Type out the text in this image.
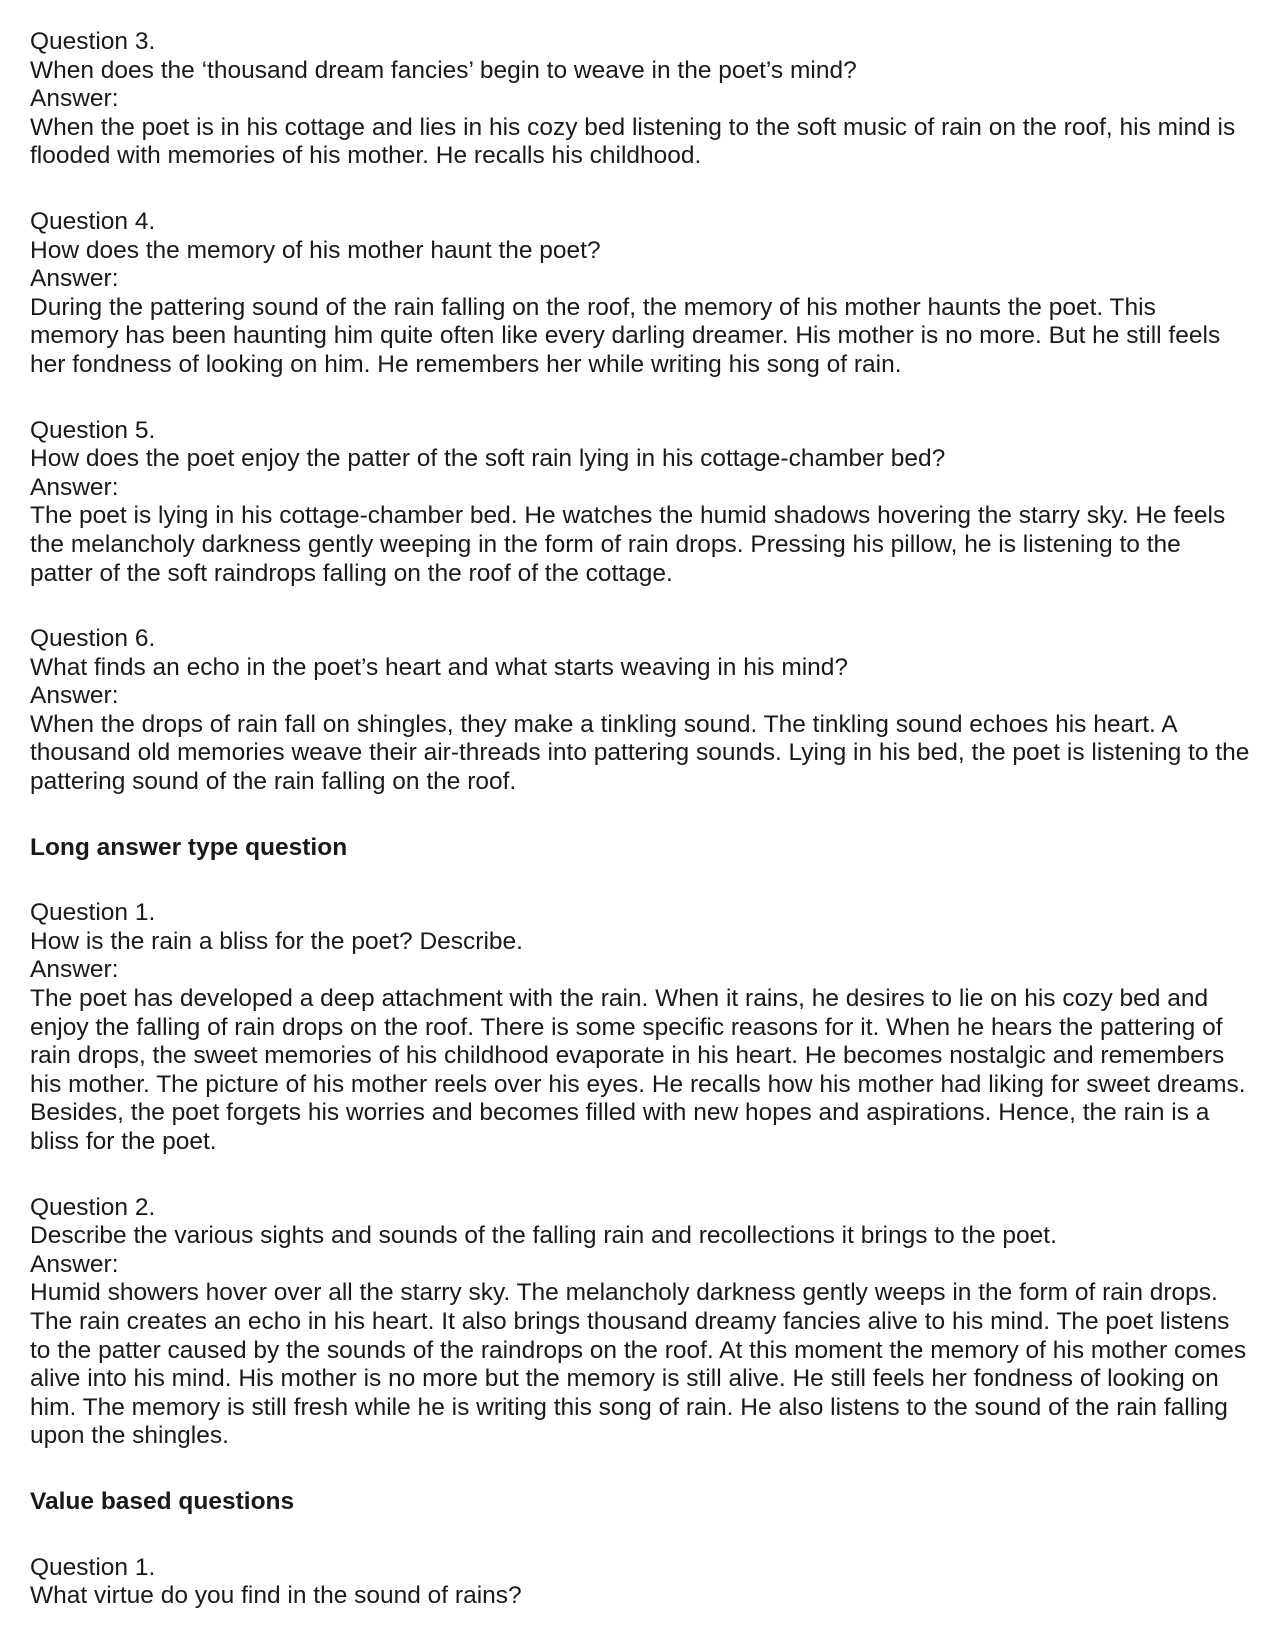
Question 3.
When does the ‘thousand dream fancies’ begin to weave in the poet’s mind?
Answer:
When the poet is in his cottage and lies in his cozy bed listening to the soft music of rain on the roof, his mind is
flooded with memories of his mother. He recalls his childhood.
Question 4.
How does the memory of his mother haunt the poet?
Answer:
During the pattering sound of the rain falling on the roof, the memory of his mother haunts the poet. This
memory has been haunting him quite often like every darling dreamer. His mother is no more. But he still feels
her fondness of looking on him. He remembers her while writing his song of rain.
Question 5.
How does the poet enjoy the patter of the soft rain lying in his cottage-chamber bed?
Answer:
The poet is lying in his cottage-chamber bed. He watches the humid shadows hovering the starry sky. He feels
the melancholy darkness gently weeping in the form of rain drops. Pressing his pillow, he is listening to the
patter of the soft raindrops falling on the roof of the cottage.
Question 6.
What finds an echo in the poet’s heart and what starts weaving in his mind?
Answer:
When the drops of rain fall on shingles, they make a tinkling sound. The tinkling sound echoes his heart. A
thousand old memories weave their air-threads into pattering sounds. Lying in his bed, the poet is listening to the
pattering sound of the rain falling on the roof.
Long answer type question
Question 1.
How is the rain a bliss for the poet? Describe.
Answer:
The poet has developed a deep attachment with the rain. When it rains, he desires to lie on his cozy bed and
enjoy the falling of rain drops on the roof. There is some specific reasons for it. When he hears the pattering of
rain drops, the sweet memories of his childhood evaporate in his heart. He becomes nostalgic and remembers
his mother. The picture of his mother reels over his eyes. He recalls how his mother had liking for sweet dreams.
Besides, the poet forgets his worries and becomes filled with new hopes and aspirations. Hence, the rain is a
bliss for the poet.
Question 2.
Describe the various sights and sounds of the falling rain and recollections it brings to the poet.
Answer:
Humid showers hover over all the starry sky. The melancholy darkness gently weeps in the form of rain drops.
The rain creates an echo in his heart. It also brings thousand dreamy fancies alive to his mind. The poet listens
to the patter caused by the sounds of the raindrops on the roof. At this moment the memory of his mother comes
alive into his mind. His mother is no more but the memory is still alive. He still feels her fondness of looking on
him. The memory is still fresh while he is writing this song of rain. He also listens to the sound of the rain falling
upon the shingles.
Value based questions
Question 1.
What virtue do you find in the sound of rains?
